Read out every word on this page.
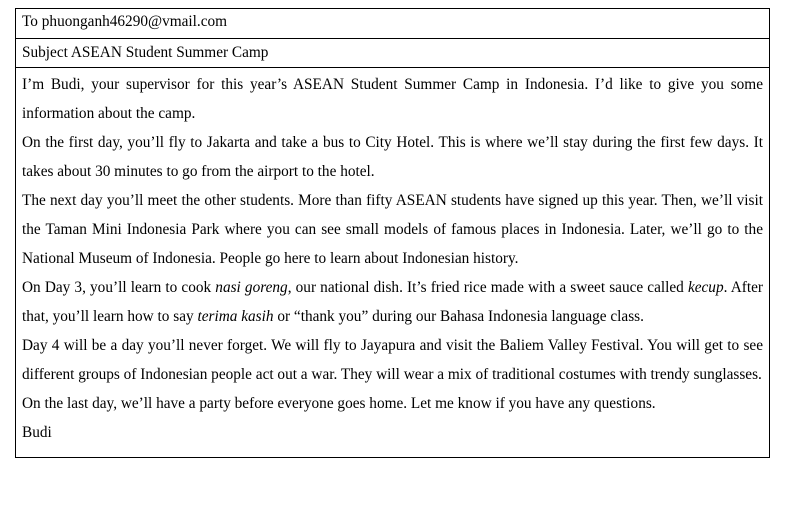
To phuonganh46290@vmail.com
Subject ASEAN Student Summer Camp

I’m Budi, your supervisor for this year’s ASEAN Student Summer Camp in Indonesia. I’d like to give you some information about the camp.

On the first day, you’ll fly to Jakarta and take a bus to City Hotel. This is where we’ll stay during the first few days. It takes about 30 minutes to go from the airport to the hotel.

The next day you’ll meet the other students. More than fifty ASEAN students have signed up this year. Then, we’ll visit the Taman Mini Indonesia Park where you can see small models of famous places in Indonesia. Later, we’ll go to the National Museum of Indonesia. People go here to learn about Indonesian history.

On Day 3, you’ll learn to cook nasi goreng, our national dish. It’s fried rice made with a sweet sauce called kecup. After that, you’ll learn how to say terima kasih or “thank you” during our Bahasa Indonesia language class.

Day 4 will be a day you’ll never forget. We will fly to Jayapura and visit the Baliem Valley Festival. You will get to see different groups of Indonesian people act out a war. They will wear a mix of traditional costumes with trendy sunglasses.

On the last day, we’ll have a party before everyone goes home. Let me know if you have any questions.

Budi
